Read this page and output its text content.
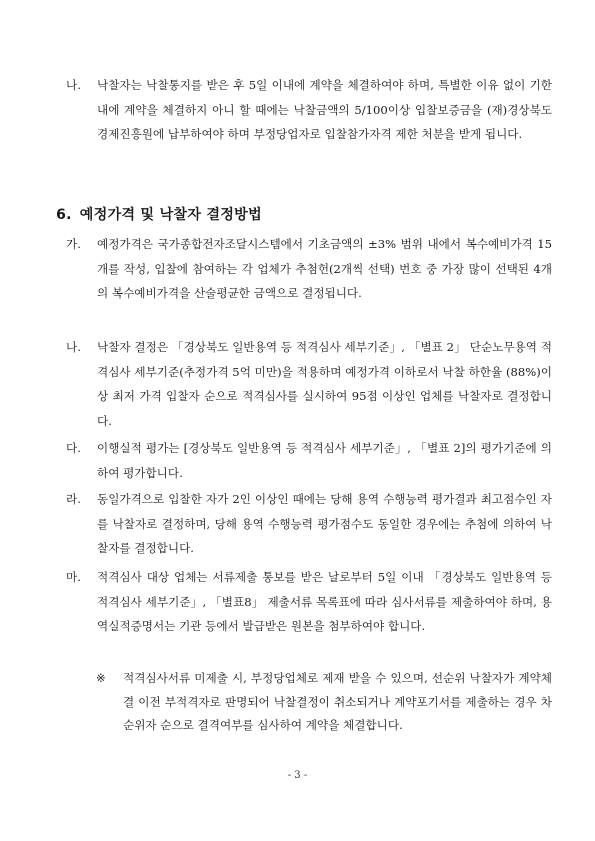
나. 낙찰자는 낙찰통지를 받은 후 5일 이내에 계약을 체결하여야 하며, 특별한 이유 없이 기한 내에 계약을 체결하지 아니 할 때에는 낙찰금액의 5/100이상 입찰보증금을 (재)경상북도경제진흥원에 납부하여야 하며 부정당업자로 입찰참가자격 제한 처분을 받게 됩니다.
6. 예정가격 및 낙찰자 결정방법
가. 예정가격은 국가종합전자조달시스템에서 기초금액의 ±3% 범위 내에서 복수예비가격 15개를 작성, 입찰에 참여하는 각 업체가 추첨헌(2개씩 선택) 번호 중 가장 많이 선택된 4개의 복수예비가격을 산술평균한 금액으로 결정됩니다.
나. 낙찰자 결정은 「경상북도 일반용역 등 적격심사 세부기준」, 「별표 2」 단순노무용역 적격심사 세부기준(추정가격 5억 미만)을 적용하며 예정가격 이하로서 낙찰 하한율 (88%)이상 최저 가격 입찰자 순으로 적격심사를 실시하여 95점 이상인 업체를 낙찰자로 결정합니다.
다. 이행실적 평가는 [경상북도 일반용역 등 적격심사 세부기준」, 「별표 2]의 평가기준에 의하여 평가합니다.
라. 동일가격으로 입찰한 자가 2인 이상인 때에는 당해 용역 수행능력 평가결과 최고점수인 자를 낙찰자로 결정하며, 당해 용역 수행능력 평가점수도 동일한 경우에는 추첨에 의하여 낙찰자를 결정합니다.
마. 적격심사 대상 업체는 서류제출 통보를 받은 날로부터 5일 이내 「경상북도 일반용역 등 적격심사 세부기준」, 「별표8」 제출서류 목록표에 따라 심사서류를 제출하여야 하며, 용역실적증명서는 기관 등에서 발급받은 원본을 첨부하여야 합니다.
※ 적격심사서류 미제출 시, 부정당업체로 제재 받을 수 있으며, 선순위 낙찰자가 계약체결 이전 부적격자로 판명되어 낙찰결정이 취소되거나 계약포기서를 제출하는 경우 차순위자 순으로 결격여부를 심사하여 계약을 체결합니다.
- 3 -
